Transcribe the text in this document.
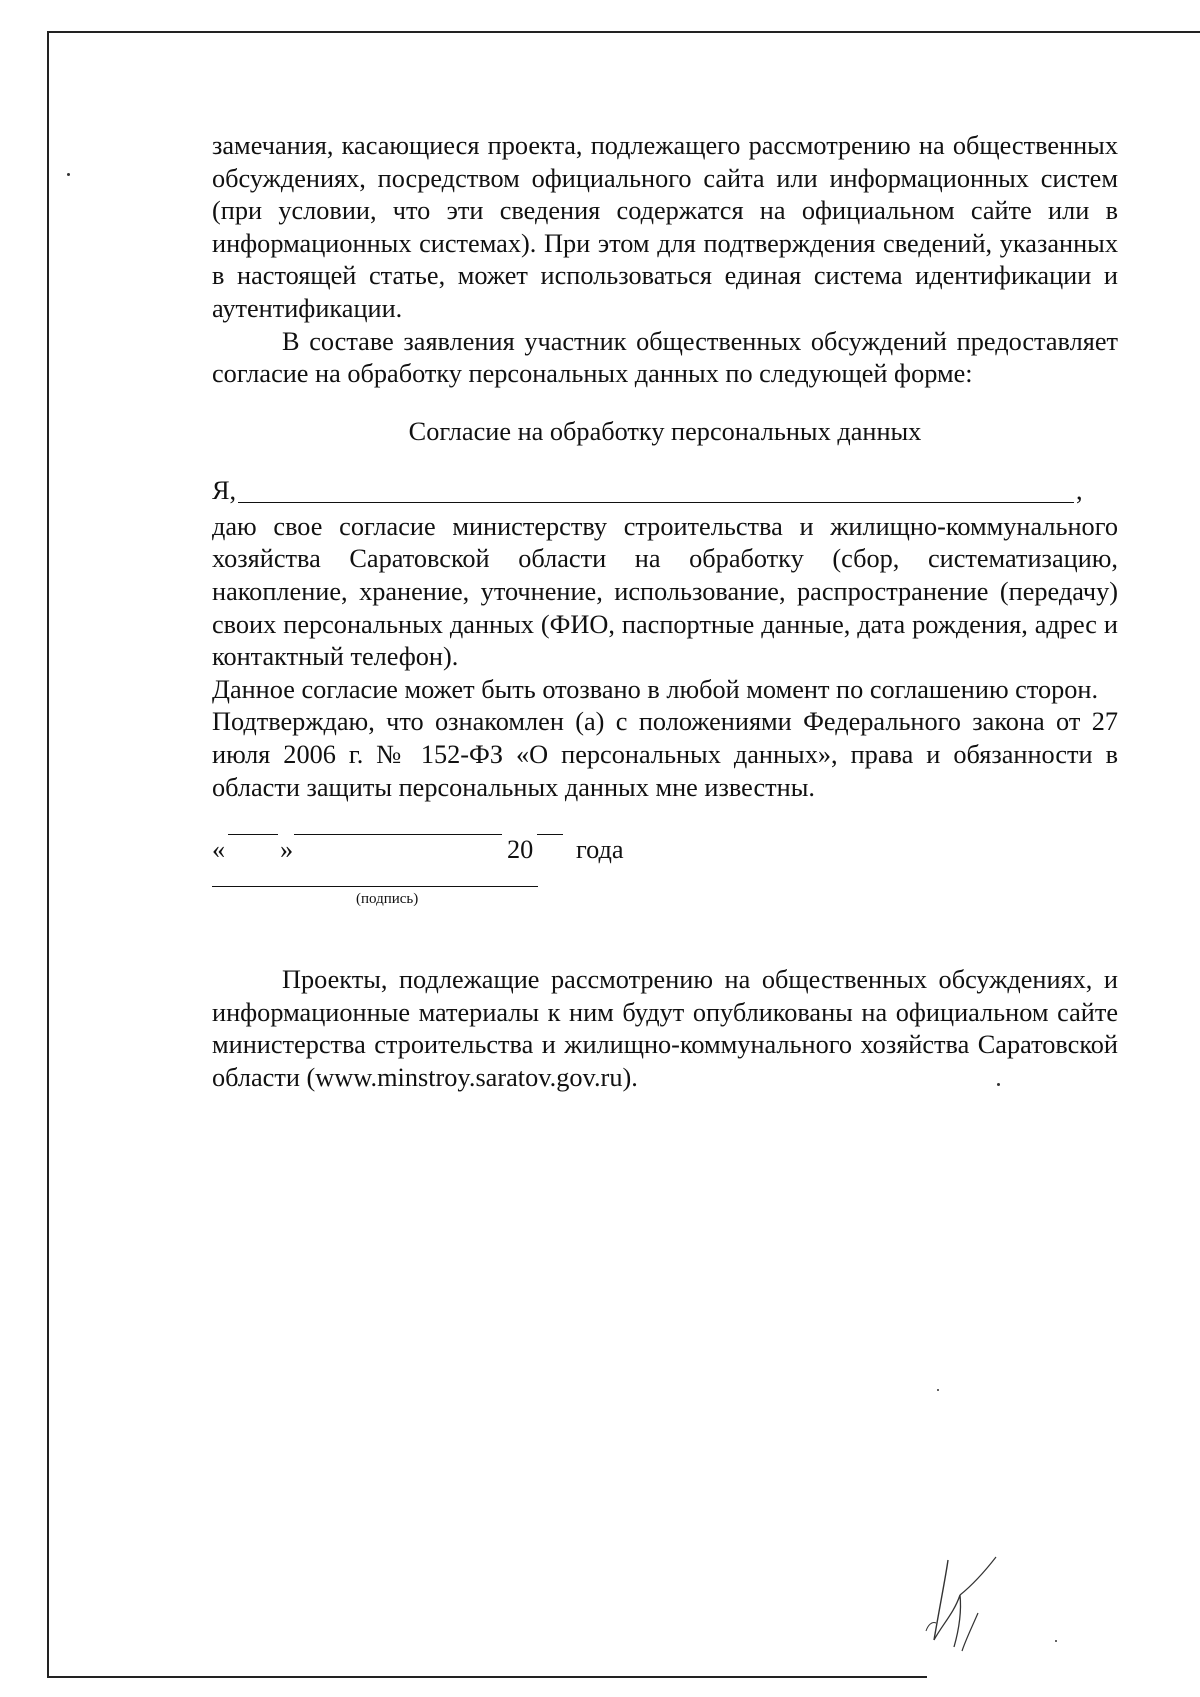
замечания, касающиеся проекта, подлежащего рассмотрению на общественных обсуждениях, посредством официального сайта или информационных систем (при условии, что эти сведения содержатся на официальном сайте или в информационных системах). При этом для подтверждения сведений, указанных в настоящей статье, может использоваться единая система идентификации и аутентификации.

В составе заявления участник общественных обсуждений предоставляет согласие на обработку персональных данных по следующей форме:

Согласие на обработку персональных данных

Я,	,

даю свое согласие министерству строительства и жилищно-коммунального хозяйства Саратовской области на обработку (сбор, систематизацию, накопление, хранение, уточнение, использование, распространение (передачу) своих персональных данных (ФИО, паспортные данные, дата рождения, адрес и контактный телефон).

Данное согласие может быть отозвано в любой момент по соглашению сторон.

Подтверждаю, что ознакомлен (а) с положениями Федерального закона от 27 июля 2006 г. № 152-ФЗ «О персональных данных», права и обязанности в области защиты персональных данных мне известны.

« »	20 года
(подпись)

Проекты, подлежащие рассмотрению на общественных обсуждениях, и информационные материалы к ним будут опубликованы на официальном сайте министерства строительства и жилищно-коммунального хозяйства Саратовской области (www.minstroy.saratov.gov.ru).
